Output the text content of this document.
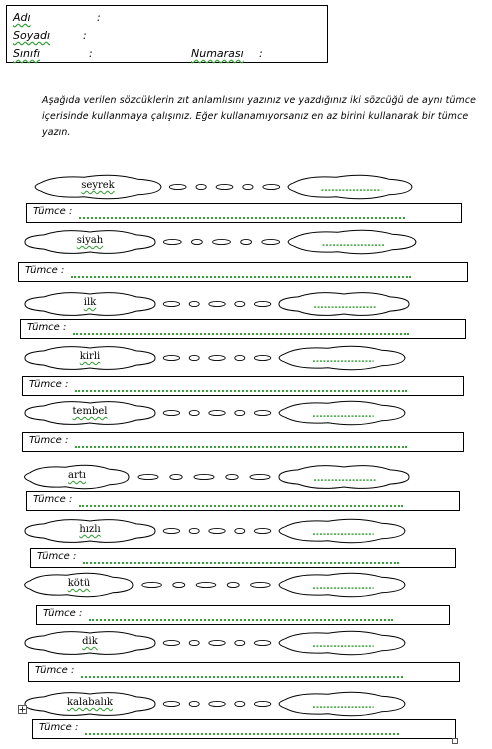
Adı	:
Soyadı	:
Sınıfı	:	Numarası :
Aşağıda verilen sözcüklerin zıt anlamlısını yazınız ve yazdığınız iki sözcüğü de aynı tümce içerisinde kullanmaya çalışınız. Eğer kullanamıyorsanız en az birini kullanarak bir tümce yazın.
seyrek
Tümce :
siyah
Tümce :
ilk
Tümce :
kirli
Tümce :
tembel
Tümce :
artı
Tümce :
hızlı
Tümce :
kötü
Tümce :
dik
Tümce :
kalabalık
Tümce :
